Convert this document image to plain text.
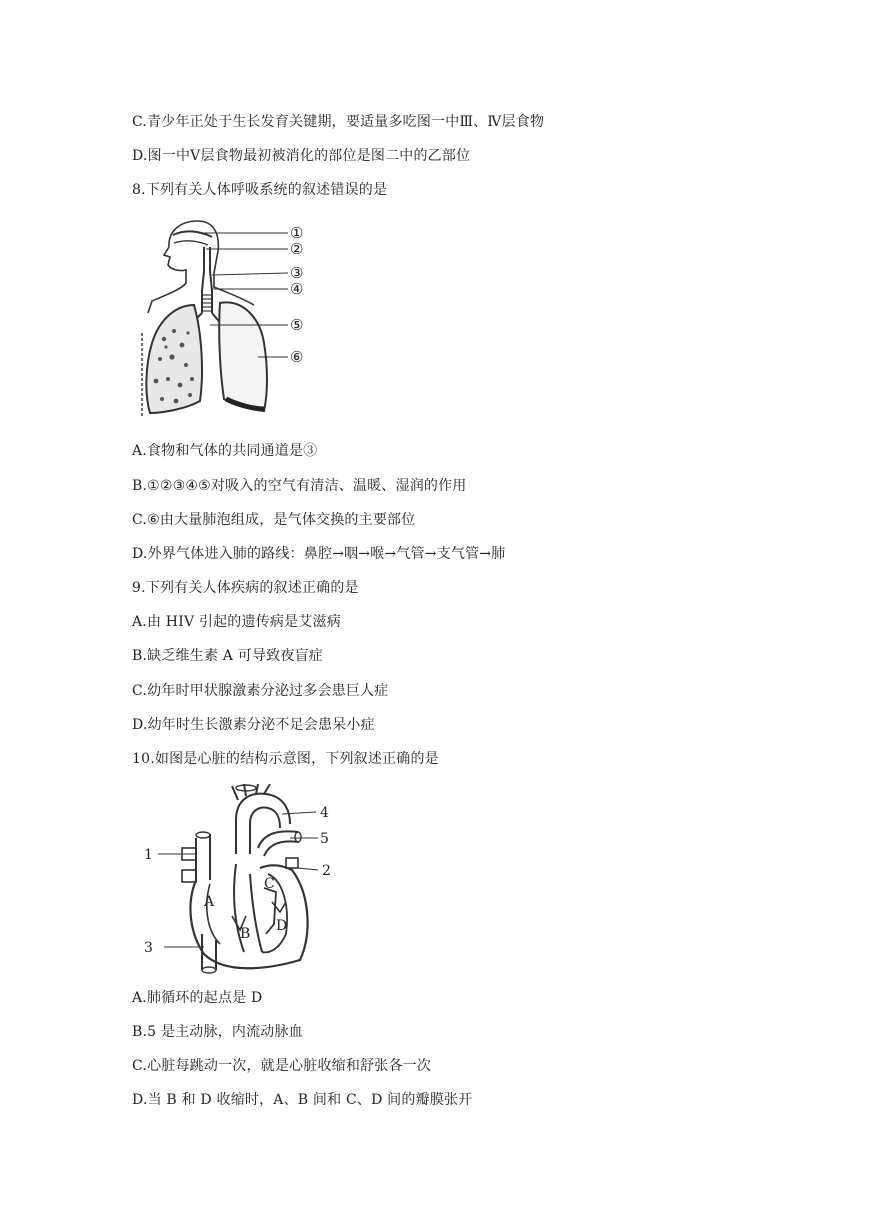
C.青少年正处于生长发育关键期，要适量多吃图一中Ⅲ、Ⅳ层食物
D.图一中Ⅴ层食物最初被消化的部位是图二中的乙部位
8.下列有关人体呼吸系统的叙述错误的是
①
②
③
④
⑤
⑥
A.食物和气体的共同通道是③
B.①②③④⑤对吸入的空气有清洁、温暖、湿润的作用
C.⑥由大量肺泡组成，是气体交换的主要部位
D.外界气体进入肺的路线：鼻腔→咽→喉→气管→支气管→肺
9.下列有关人体疾病的叙述正确的是
A.由 HIV 引起的遗传病是艾滋病
B.缺乏维生素 A 可导致夜盲症
C.幼年时甲状腺激素分泌过多会患巨人症
D.幼年时生长激素分泌不足会患呆小症
10.如图是心脏的结构示意图，下列叙述正确的是
1
3
4
5
2
A
B
C
D
A.肺循环的起点是 D
B.5 是主动脉，内流动脉血
C.心脏每跳动一次，就是心脏收缩和舒张各一次
D.当 B 和 D 收缩时，A、B 间和 C、D 间的瓣膜张开
